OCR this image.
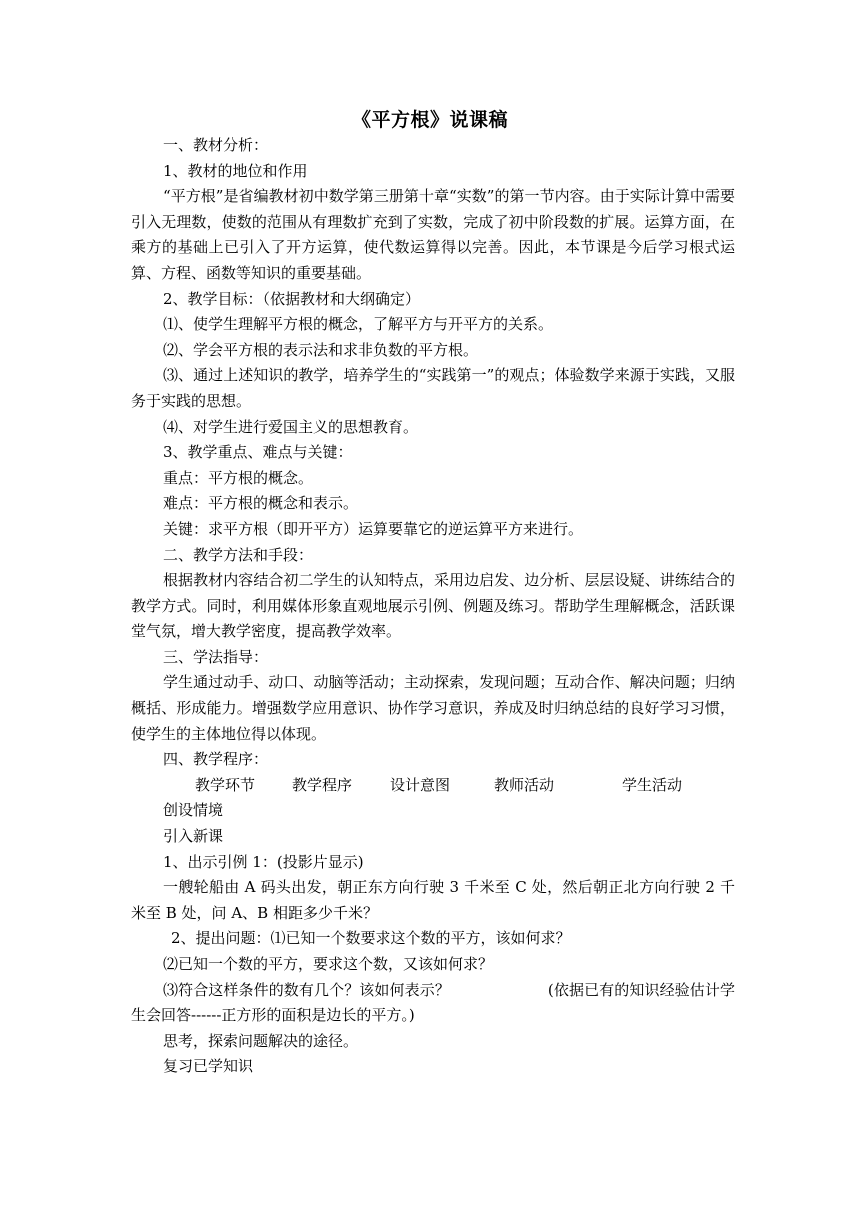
《平方根》说课稿

一、教材分析：

1、教材的地位和作用

“平方根”是省编教材初中数学第三册第十章“实数”的第一节内容。由于实际计算中需要引入无理数，使数的范围从有理数扩充到了实数，完成了初中阶段数的扩展。运算方面，在乘方的基础上已引入了开方运算，使代数运算得以完善。因此，本节课是今后学习根式运算、方程、函数等知识的重要基础。

2、教学目标：（依据教材和大纲确定）

⑴、使学生理解平方根的概念，了解平方与开平方的关系。

⑵、学会平方根的表示法和求非负数的平方根。

⑶、通过上述知识的教学，培养学生的“实践第一”的观点；体验数学来源于实践，又服务于实践的思想。

⑷、对学生进行爱国主义的思想教育。

3、教学重点、难点与关键：

重点：平方根的概念。

难点：平方根的概念和表示。

关键：求平方根（即开平方）运算要靠它的逆运算平方来进行。

二、教学方法和手段：

根据教材内容结合初二学生的认知特点，采用边启发、边分析、层层设疑、讲练结合的教学方式。同时，利用媒体形象直观地展示引例、例题及练习。帮助学生理解概念，活跃课堂气氛，增大教学密度，提高教学效率。

三、学法指导：

学生通过动手、动口、动脑等活动；主动探索，发现问题；互动合作、解决问题；归纳概括、形成能力。增强数学应用意识、协作学习意识，养成及时归纳总结的良好学习习惯，使学生的主体地位得以体现。

四、教学程序：

教学环节 教学程序	设计意图	教师活动	学生活动

创设情境

引入新课

1、出示引例 1：(投影片显示)

一艘轮船由 A 码头出发，朝正东方向行驶 3 千米至 C 处，然后朝正北方向行驶 2 千米至 B 处，问 A、B 相距多少千米？

2、提出问题：⑴已知一个数要求这个数的平方，该如何求？

⑵已知一个数的平方，要求这个数，又该如何求？

⑶符合这样条件的数有几个？该如何表示？	(依据已有的知识经验估计学生会回答------正方形的面积是边长的平方。)

思考，探索问题解决的途径。

复习已学知识
